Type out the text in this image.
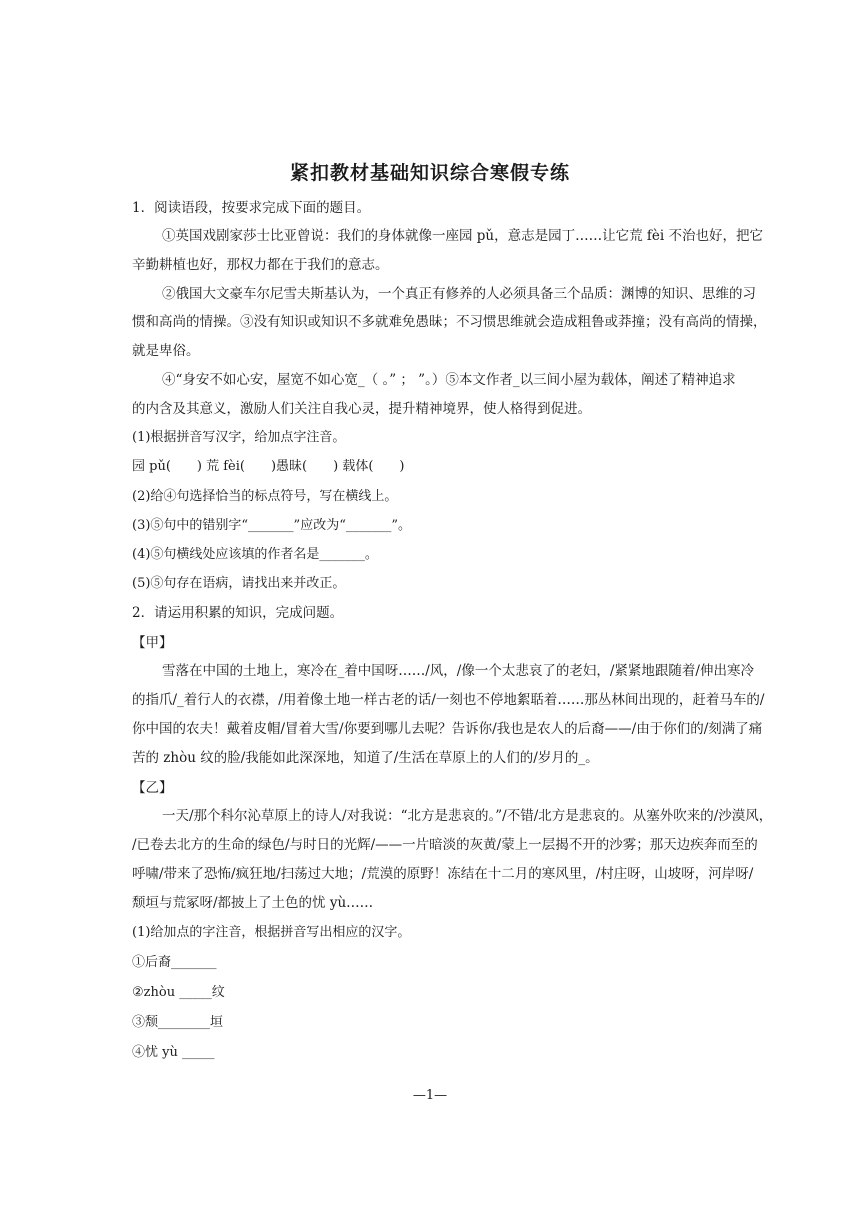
紧扣教材基础知识综合寒假专练
1．阅读语段，按要求完成下面的题目。
①英国戏剧家莎士比亚曾说：我们的身体就像一座园 pǔ，意志是园丁……让它荒 fèi 不治也好，把它
辛勤耕植也好，那权力都在于我们的意志。
②俄国大文豪车尔尼雪夫斯基认为，一个真正有修养的人必须具备三个品质：渊博的知识、思维的习
惯和高尚的情操。③没有知识或知识不多就难免愚昧；不习惯思维就会造成粗鲁或莽撞；没有高尚的情操，
就是卑俗。
④“身安不如心安，屋宽不如心宽_（ 。” ； ”。）⑤本文作者_以三间小屋为载体，阐述了精神追求
的内含及其意义，激励人们关注自我心灵，提升精神境界，使人格得到促进。
(1)根据拼音写汉字，给加点字注音。
园 pǔ(　　) 荒 fèi(　　)愚昧(　　) 载体(　　)
(2)给④句选择恰当的标点符号，写在横线上。
(3)⑤句中的错别字“_______”应改为“_______”。
(4)⑤句横线处应该填的作者名是_______。
(5)⑤句存在语病，请找出来并改正。
2．请运用积累的知识，完成问题。
【甲】
雪落在中国的土地上，寒冷在_着中国呀……/风，/像一个太悲哀了的老妇，/紧紧地跟随着/伸出寒冷
的指爪/_着行人的衣襟，/用着像土地一样古老的话/一刻也不停地絮聒着……那丛林间出现的，赶着马车的/
你中国的农夫！戴着皮帽/冒着大雪/你要到哪儿去呢？告诉你/我也是农人的后裔——/由于你们的/刻满了痛
苦的 zhòu 纹的脸/我能如此深深地，知道了/生活在草原上的人们的/岁月的_。
【乙】
一天/那个科尔沁草原上的诗人/对我说：“北方是悲哀的。”/不错/北方是悲哀的。从塞外吹来的/沙漠风，
/已卷去北方的生命的绿色/与时日的光辉/——一片暗淡的灰黄/蒙上一层揭不开的沙雾；那天边疾奔而至的
呼啸/带来了恐怖/疯狂地/扫荡过大地；/荒漠的原野！冻结在十二月的寒风里，/村庄呀，山坡呀，河岸呀/
颓垣与荒冢呀/都披上了土色的忧 yù……
(1)给加点的字注音，根据拼音写出相应的汉字。
①后裔_______
②zhòu _____纹
③颓________垣
④忧 yù _____
—1—
